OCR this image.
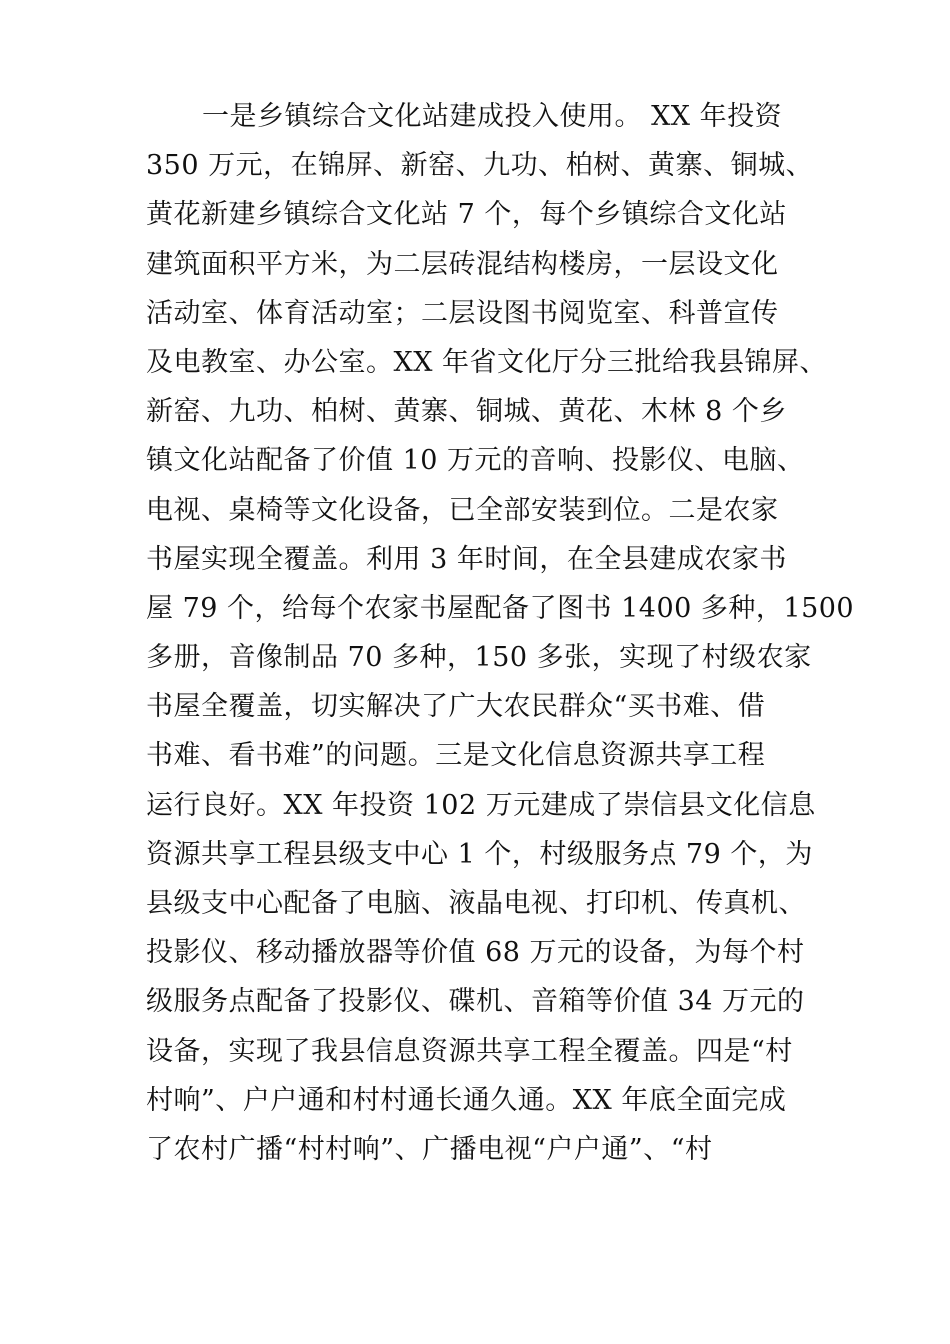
一是乡镇综合文化站建成投入使用。 XX 年投资
350 万元，在锦屏、新窑、九功、柏树、黄寨、铜城、
黄花新建乡镇综合文化站 7 个，每个乡镇综合文化站
建筑面积平方米，为二层砖混结构楼房，一层设文化
活动室、体育活动室；二层设图书阅览室、科普宣传
及电教室、办公室。XX 年省文化厅分三批给我县锦屏、
新窑、九功、柏树、黄寨、铜城、黄花、木林 8 个乡
镇文化站配备了价值 10 万元的音响、投影仪、电脑、
电视、桌椅等文化设备，已全部安装到位。二是农家
书屋实现全覆盖。利用 3 年时间，在全县建成农家书
屋 79 个，给每个农家书屋配备了图书 1400 多种，1500
多册，音像制品 70 多种，150 多张，实现了村级农家
书屋全覆盖，切实解决了广大农民群众“买书难、借
书难、看书难”的问题。三是文化信息资源共享工程
运行良好。XX 年投资 102 万元建成了崇信县文化信息
资源共享工程县级支中心 1 个，村级服务点 79 个，为
县级支中心配备了电脑、液晶电视、打印机、传真机、
投影仪、移动播放器等价值 68 万元的设备，为每个村
级服务点配备了投影仪、碟机、音箱等价值 34 万元的
设备，实现了我县信息资源共享工程全覆盖。四是“村
村响”、户户通和村村通长通久通。XX 年底全面完成
了农村广播“村村响”、广播电视“户户通”、“村
